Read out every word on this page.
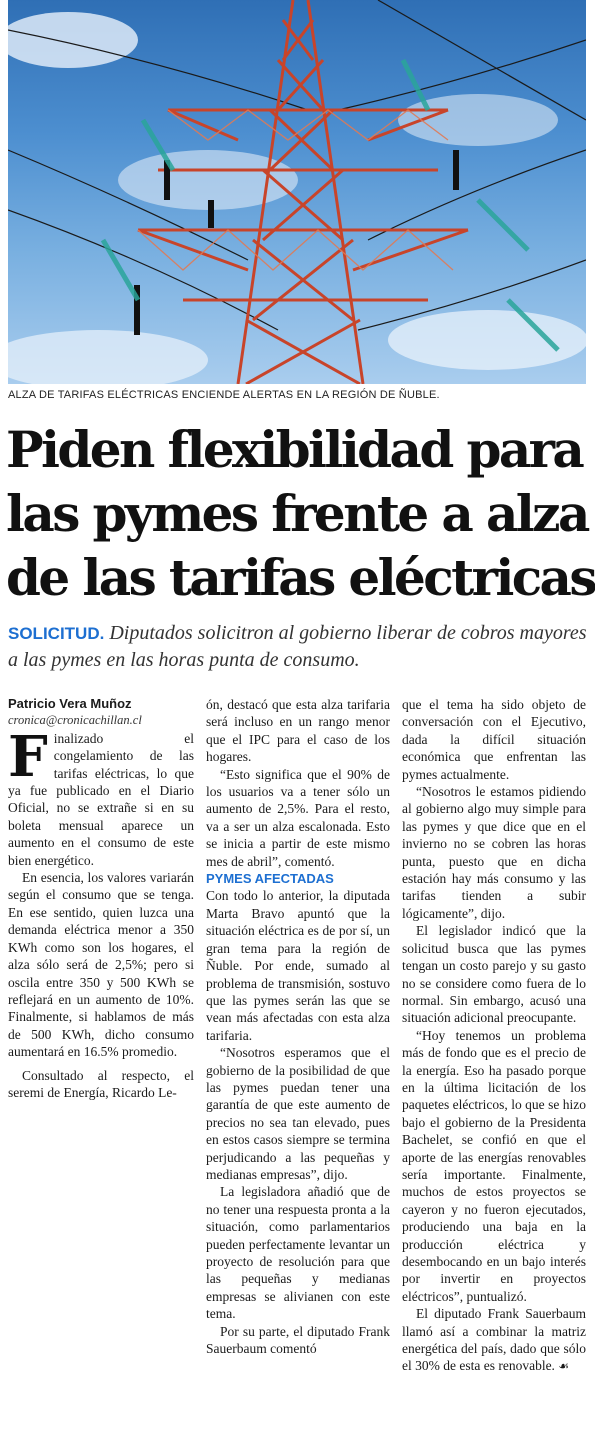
ALZA DE TARIFAS ELÉCTRICAS ENCIENDE ALERTAS EN LA REGIÓN DE ÑUBLE.
Piden flexibilidad para
las pymes frente a alza
de las tarifas eléctricas
SOLICITUD. Diputados solicitron al gobierno liberar de cobros mayores a las pymes en las horas punta de consumo.

Patricio Vera Muñoz

cronica@cronicachillan.cl

Finalizado el congelamiento de las tarifas eléctricas, lo que ya fue publicado en el Diario Oficial, no se extrañe si en su boleta mensual aparece un aumento en el consumo de este bien energético.

En esencia, los valores variarán según el consumo que se tenga. En ese sentido, quien luzca una demanda eléctrica menor a 350 KWh como son los hogares, el alza sólo será de 2,5%; pero si oscila entre 350 y 500 KWh se reflejará en un aumento de 10%. Finalmente, si hablamos de más de 500 KWh, dicho consumo aumentará en 16.5% promedio.

Consultado al respecto, el seremi de Energía, Ricardo Le-

ón, destacó que esta alza tarifaria será incluso en un rango menor que el IPC para el caso de los hogares.

“Esto significa que el 90% de los usuarios va a tener sólo un aumento de 2,5%. Para el resto, va a ser un alza escalonada. Esto se inicia a partir de este mismo mes de abril”, comentó.

PYMES AFECTADAS

Con todo lo anterior, la diputada Marta Bravo apuntó que la situación eléctrica es de por sí, un gran tema para la región de Ñuble. Por ende, sumado al problema de transmisión, sostuvo que las pymes serán las que se vean más afectadas con esta alza tarifaria.

“Nosotros esperamos que el gobierno de la posibilidad de que las pymes puedan tener una garantía de que este aumento de precios no sea tan elevado, pues en estos casos siempre se termina perjudicando a las pequeñas y medianas empresas”, dijo.

La legisladora añadió que de no tener una respuesta pronta a la situación, como parlamentarios pueden perfectamente levantar un proyecto de resolución para que las pequeñas y medianas empresas se alivianen con este tema.

Por su parte, el diputado Frank Sauerbaum comentó

que el tema ha sido objeto de conversación con el Ejecutivo, dada la difícil situación económica que enfrentan las pymes actualmente.

“Nosotros le estamos pidiendo al gobierno algo muy simple para las pymes y que dice que en el invierno no se cobren las horas punta, puesto que en dicha estación hay más consumo y las tarifas tienden a subir lógicamente”, dijo.

El legislador indicó que la solicitud busca que las pymes tengan un costo parejo y su gasto no se considere como fuera de lo normal. Sin embargo, acusó una situación adicional preocupante.

“Hoy tenemos un problema más de fondo que es el precio de la energía. Eso ha pasado porque en la última licitación de los paquetes eléctricos, lo que se hizo bajo el gobierno de la Presidenta Bachelet, se confió en que el aporte de las energías renovables sería importante. Finalmente, muchos de estos proyectos se cayeron y no fueron ejecutados, produciendo una baja en la producción eléctrica y desembocando en un bajo interés por invertir en proyectos eléctricos”, puntualizó.

El diputado Frank Sauerbaum llamó así a combinar la matriz energética del país, dado que sólo el 30% de esta es renovable. ☙
